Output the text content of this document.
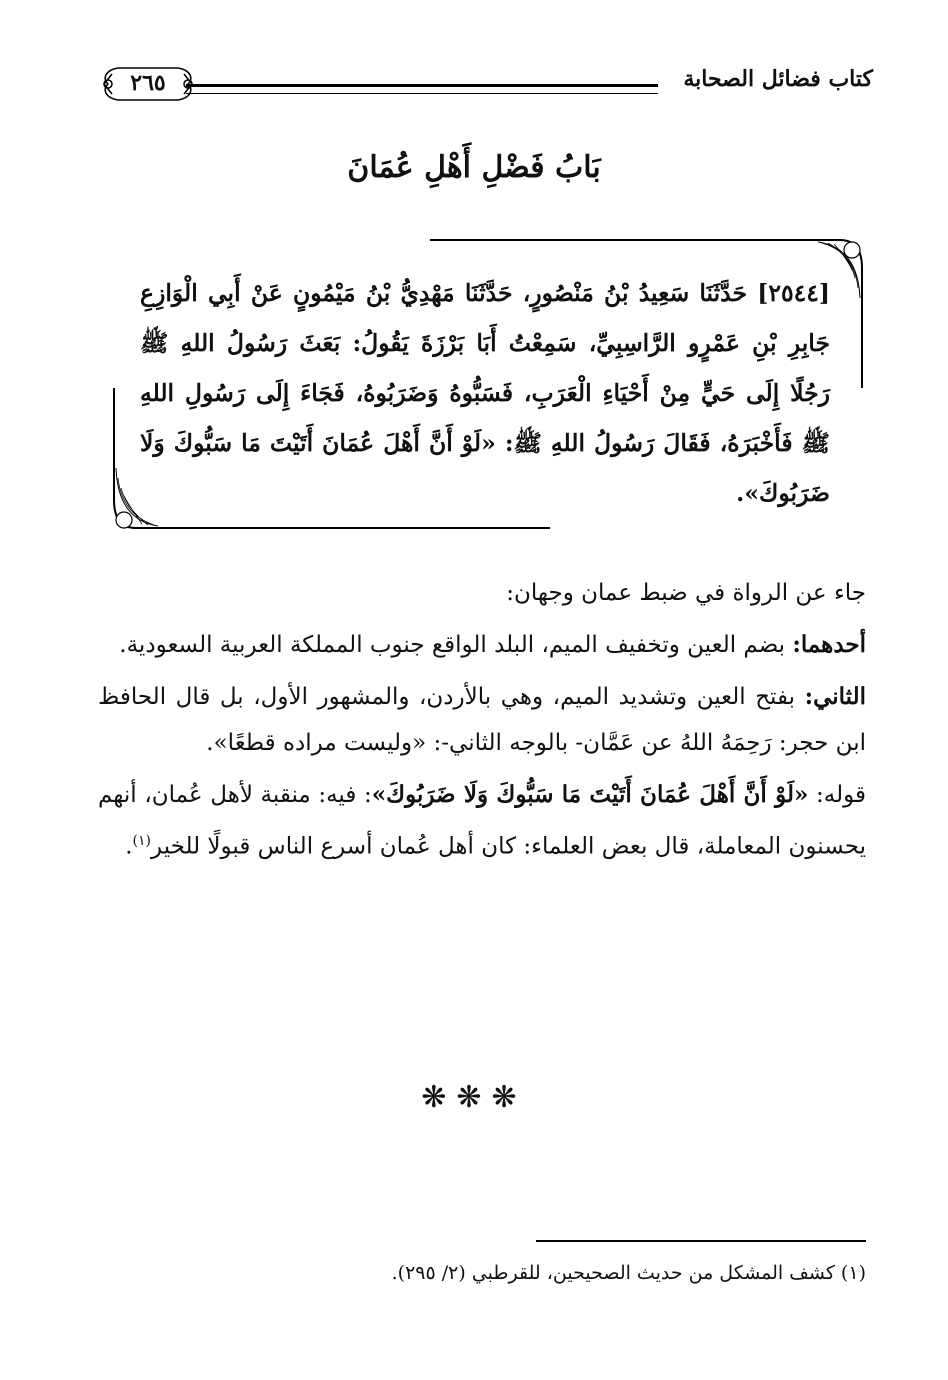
كتاب فضائل الصحابة
٢٦٥
بَابُ فَضْلِ أَهْلِ عُمَانَ
[٢٥٤٤] حَدَّثَنَا سَعِيدُ بْنُ مَنْصُورٍ، حَدَّثَنَا مَهْدِيُّ بْنُ مَيْمُونٍ عَنْ أَبِي الْوَازِعِ جَابِرِ بْنِ عَمْرٍو الرَّاسِبِيِّ، سَمِعْتُ أَبَا بَرْزَةَ يَقُولُ: بَعَثَ رَسُولُ اللهِ ﷺ رَجُلًا إِلَى حَيٍّ مِنْ أَحْيَاءِ الْعَرَبِ، فَسَبُّوهُ وَضَرَبُوهُ، فَجَاءَ إِلَى رَسُولِ اللهِ ﷺ فَأَخْبَرَهُ، فَقَالَ رَسُولُ اللهِ ﷺ: «لَوْ أَنَّ أَهْلَ عُمَانَ أَتَيْتَ مَا سَبُّوكَ وَلَا ضَرَبُوكَ».

جاء عن الرواة في ضبط عمان وجهان:

أحدهما: بضم العين وتخفيف الميم، البلد الواقع جنوب المملكة العربية السعودية.

الثاني: بفتح العين وتشديد الميم، وهي بالأردن، والمشهور الأول، بل قال الحافظ ابن حجر: رَحِمَهُ اللهُ عن عَمَّان- بالوجه الثاني-: «وليست مراده قطعًا».

قوله: «لَوْ أَنَّ أَهْلَ عُمَانَ أَتَيْتَ مَا سَبُّوكَ وَلَا ضَرَبُوكَ»: فيه: منقبة لأهل عُمان، أنهم يحسنون المعاملة، قال بعض العلماء: كان أهل عُمان أسرع الناس قبولًا للخير$^{(١)}$.

❋❋❋
(١) كشف المشكل من حديث الصحيحين، للقرطبي (٢/ ٢٩٥).
